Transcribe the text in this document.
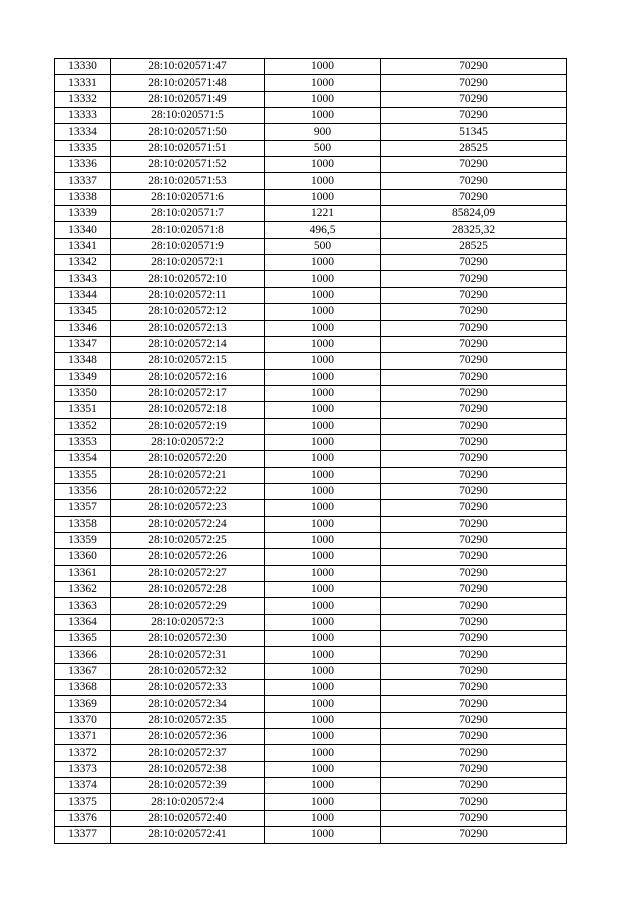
13330	28:10:020571:47	1000	70290
13331	28:10:020571:48	1000	70290
13332	28:10:020571:49	1000	70290
13333	28:10:020571:5	1000	70290
13334	28:10:020571:50	900	51345
13335	28:10:020571:51	500	28525
13336	28:10:020571:52	1000	70290
13337	28:10:020571:53	1000	70290
13338	28:10:020571:6	1000	70290
13339	28:10:020571:7	1221	85824,09
13340	28:10:020571:8	496,5	28325,32
13341	28:10:020571:9	500	28525
13342	28:10:020572:1	1000	70290
13343	28:10:020572:10	1000	70290
13344	28:10:020572:11	1000	70290
13345	28:10:020572:12	1000	70290
13346	28:10:020572:13	1000	70290
13347	28:10:020572:14	1000	70290
13348	28:10:020572:15	1000	70290
13349	28:10:020572:16	1000	70290
13350	28:10:020572:17	1000	70290
13351	28:10:020572:18	1000	70290
13352	28:10:020572:19	1000	70290
13353	28:10:020572:2	1000	70290
13354	28:10:020572:20	1000	70290
13355	28:10:020572:21	1000	70290
13356	28:10:020572:22	1000	70290
13357	28:10:020572:23	1000	70290
13358	28:10:020572:24	1000	70290
13359	28:10:020572:25	1000	70290
13360	28:10:020572:26	1000	70290
13361	28:10:020572:27	1000	70290
13362	28:10:020572:28	1000	70290
13363	28:10:020572:29	1000	70290
13364	28:10:020572:3	1000	70290
13365	28:10:020572:30	1000	70290
13366	28:10:020572:31	1000	70290
13367	28:10:020572:32	1000	70290
13368	28:10:020572:33	1000	70290
13369	28:10:020572:34	1000	70290
13370	28:10:020572:35	1000	70290
13371	28:10:020572:36	1000	70290
13372	28:10:020572:37	1000	70290
13373	28:10:020572:38	1000	70290
13374	28:10:020572:39	1000	70290
13375	28:10:020572:4	1000	70290
13376	28:10:020572:40	1000	70290
13377	28:10:020572:41	1000	70290
